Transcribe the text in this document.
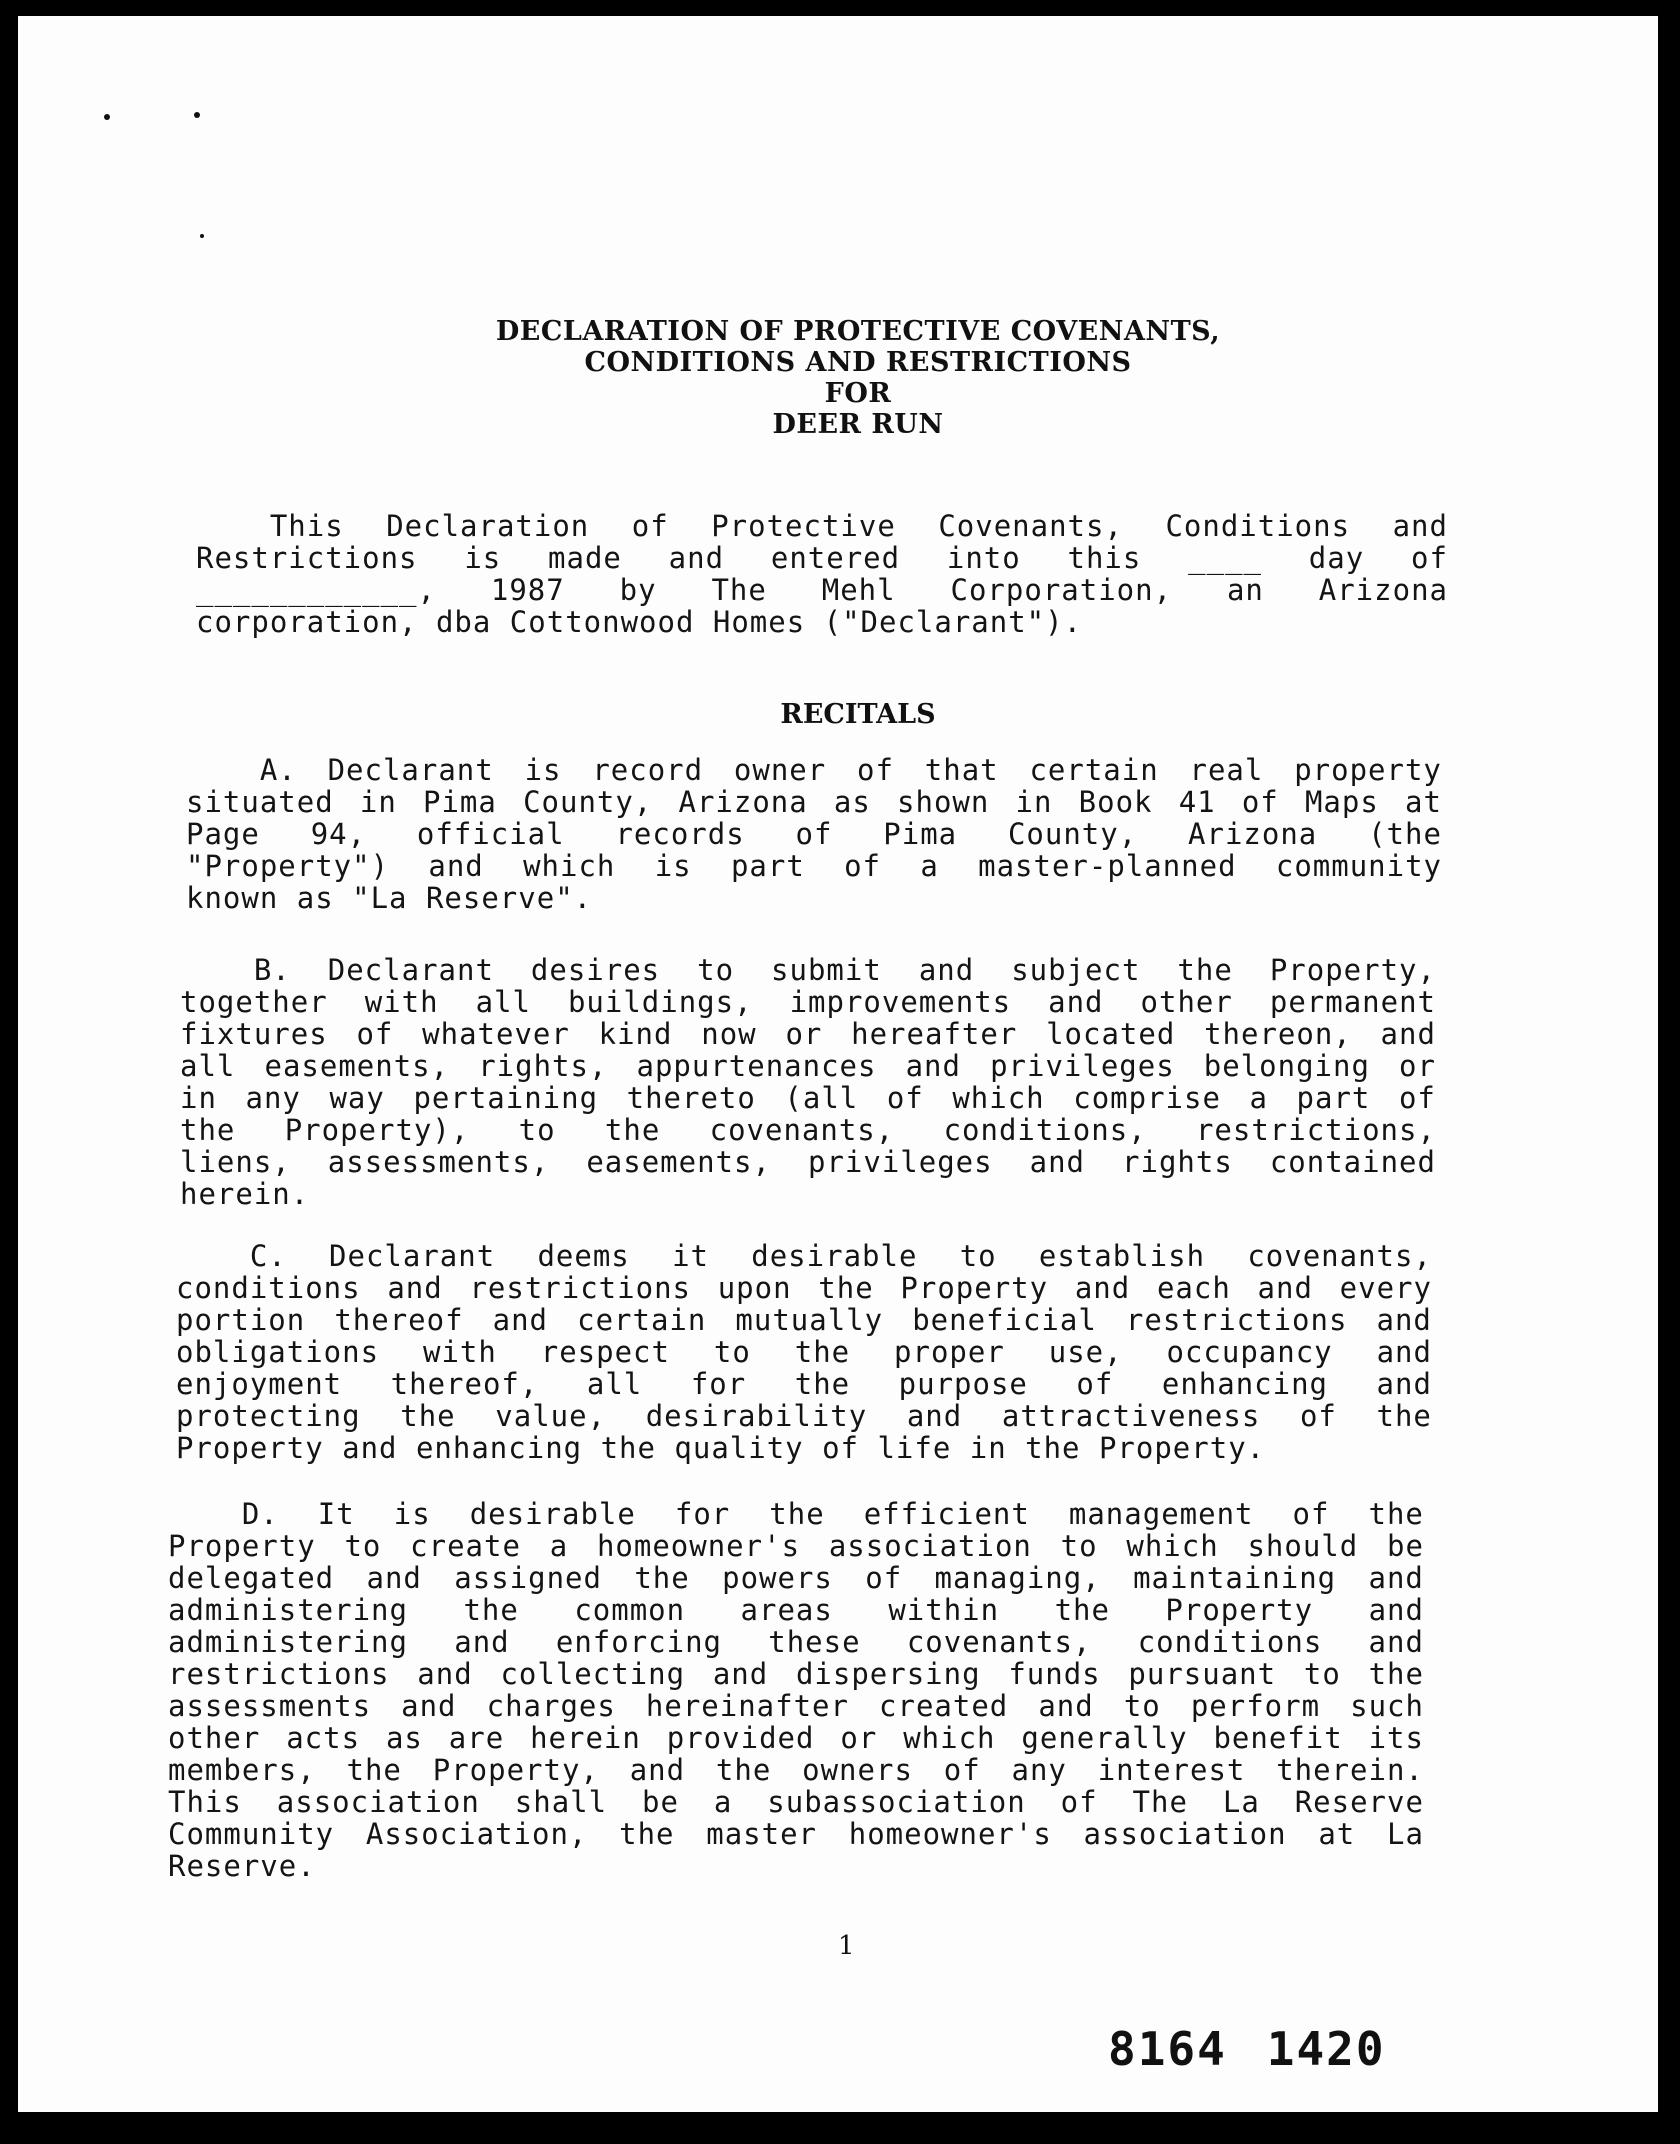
DECLARATION OF PROTECTIVE COVENANTS,
CONDITIONS AND RESTRICTIONS
FOR
DEER RUN
This Declaration of Protective Covenants, Conditions and
Restrictions is made and entered into this ____ day of
____________, 1987 by The Mehl Corporation, an Arizona
corporation, dba Cottonwood Homes ("Declarant").
RECITALS
A. Declarant is record owner of that certain real property
situated in Pima County, Arizona as shown in Book 41 of Maps at
Page 94, official records of Pima County, Arizona (the
"Property") and which is part of a master-planned community
known as "La Reserve".
B. Declarant desires to submit and subject the Property,
together with all buildings, improvements and other permanent
fixtures of whatever kind now or hereafter located thereon, and
all easements, rights, appurtenances and privileges belonging or
in any way pertaining thereto (all of which comprise a part of
the Property), to the covenants, conditions, restrictions,
liens, assessments, easements, privileges and rights contained
herein.
C. Declarant deems it desirable to establish covenants,
conditions and restrictions upon the Property and each and every
portion thereof and certain mutually beneficial restrictions and
obligations with respect to the proper use, occupancy and
enjoyment thereof, all for the purpose of enhancing and
protecting the value, desirability and attractiveness of the
Property and enhancing the quality of life in the Property.
D. It is desirable for the efficient management of the
Property to create a homeowner's association to which should be
delegated and assigned the powers of managing, maintaining and
administering the common areas within the Property and
administering and enforcing these covenants, conditions and
restrictions and collecting and dispersing funds pursuant to the
assessments and charges hereinafter created and to perform such
other acts as are herein provided or which generally benefit its
members, the Property, and the owners of any interest therein.
This association shall be a subassociation of The La Reserve
Community Association, the master homeowner's association at La
Reserve.
1
8164 1420
